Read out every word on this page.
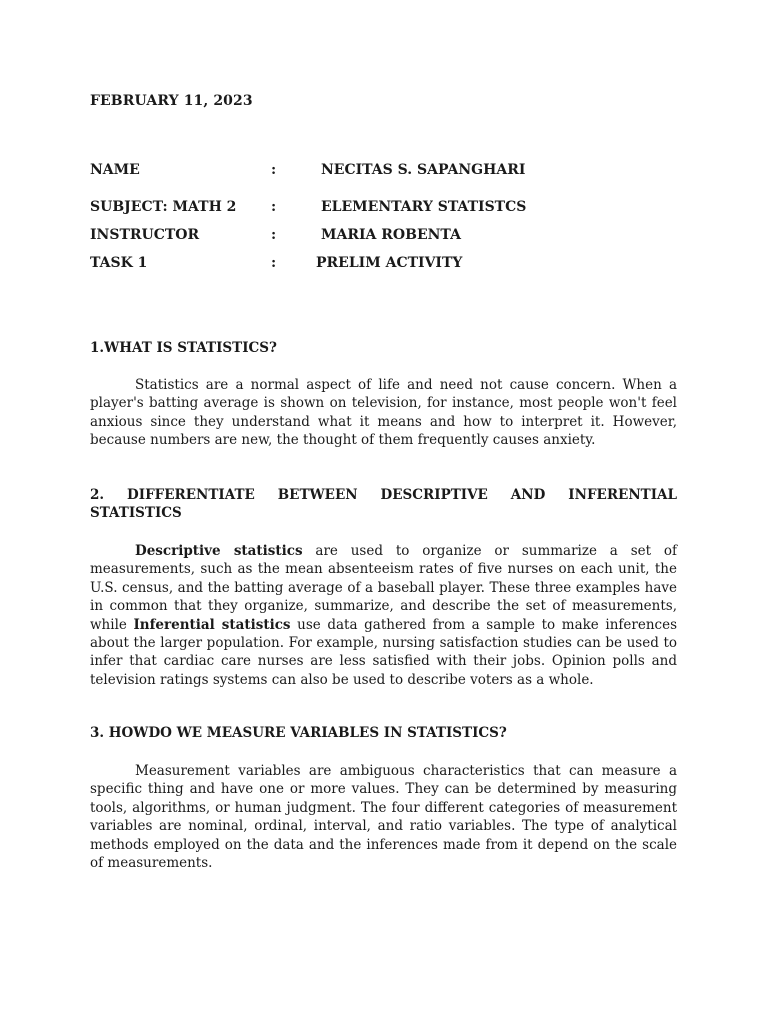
FEBRUARY 11, 2023
NAME	:	NECITAS S. SAPANGHARI
SUBJECT: MATH 2 :	ELEMENTARY STATISTCS
INSTRUCTOR	:	MARIA ROBENTA
TASK 1	:	PRELIM ACTIVITY
1.WHAT IS STATISTICS?

Statistics are a normal aspect of life and need not cause concern. When a player's batting average is shown on television, for instance, most people won't feel anxious since they understand what it means and how to interpret it. However, because numbers are new, the thought of them frequently causes anxiety.

2. DIFFERENTIATE BETWEEN DESCRIPTIVE AND INFERENTIAL
STATISTICS

Descriptive statistics are used to organize or summarize a set of measurements, such as the mean absenteeism rates of five nurses on each unit, the U.S. census, and the batting average of a baseball player. These three examples have in common that they organize, summarize, and describe the set of measurements, while Inferential statistics use data gathered from a sample to make inferences about the larger population. For example, nursing satisfaction studies can be used to infer that cardiac care nurses are less satisfied with their jobs. Opinion polls and television ratings systems can also be used to describe voters as a whole.

3. HOWDO WE MEASURE VARIABLES IN STATISTICS?

Measurement variables are ambiguous characteristics that can measure a specific thing and have one or more values. They can be determined by measuring tools, algorithms, or human judgment. The four different categories of measurement variables are nominal, ordinal, interval, and ratio variables. The type of analytical methods employed on the data and the inferences made from it depend on the scale of measurements.
